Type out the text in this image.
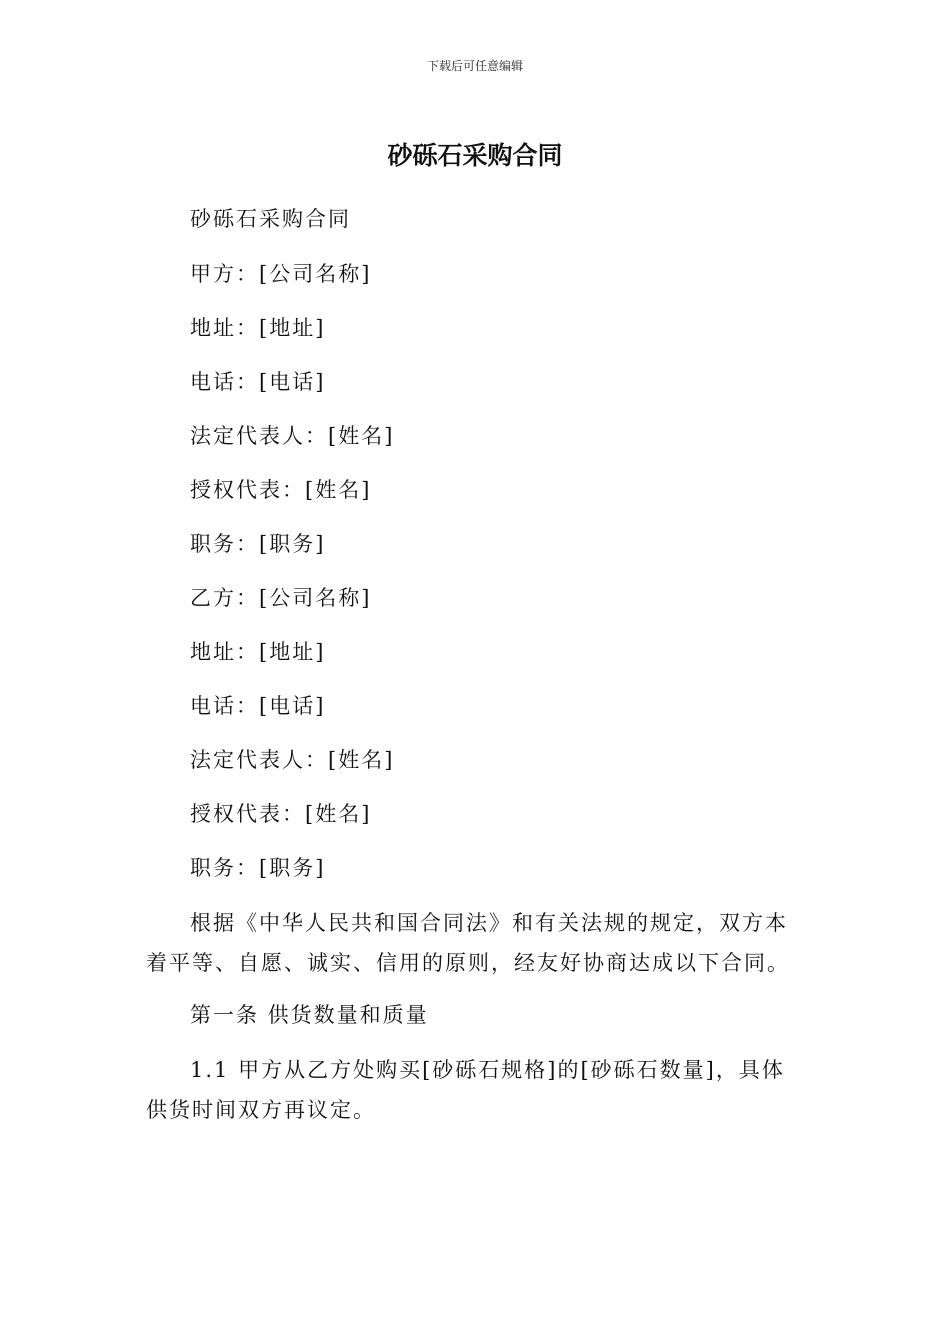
下载后可任意编辑
砂砾石采购合同
砂砾石采购合同
甲方：[公司名称]
地址：[地址]
电话：[电话]
法定代表人：[姓名]
授权代表：[姓名]
职务：[职务]
乙方：[公司名称]
地址：[地址]
电话：[电话]
法定代表人：[姓名]
授权代表：[姓名]
职务：[职务]
根据《中华人民共和国合同法》和有关法规的规定，双方本着平等、自愿、诚实、信用的原则，经友好协商达成以下合同。
第一条 供货数量和质量
1.1 甲方从乙方处购买[砂砾石规格]的[砂砾石数量]，具体供货时间双方再议定。
